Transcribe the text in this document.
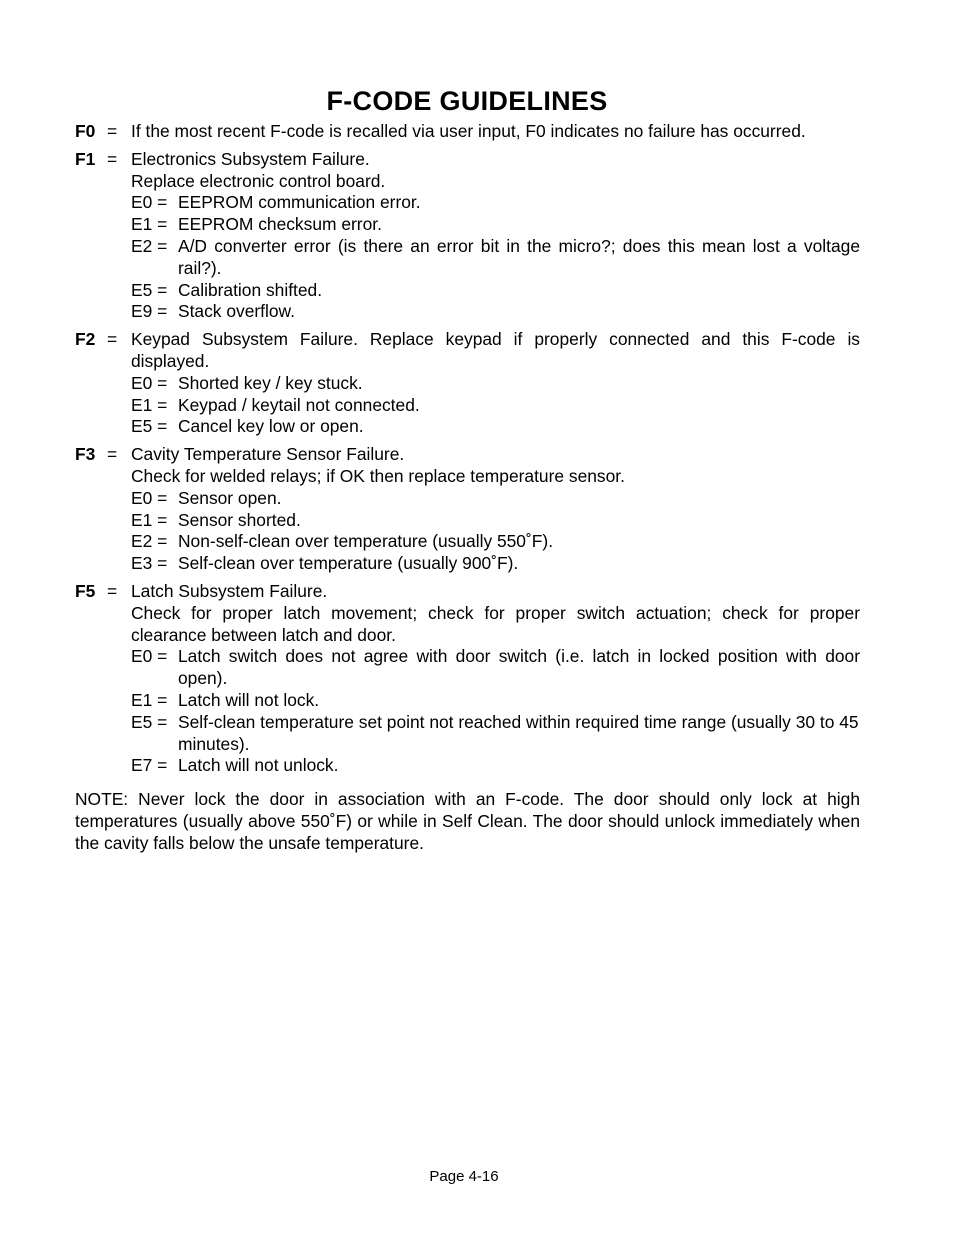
F-CODE GUIDELINES
F0 = If the most recent F-code is recalled via user input, F0 indicates no failure has occurred.
F1 = Electronics Subsystem Failure.
Replace electronic control board.
E0 = EEPROM communication error.
E1 = EEPROM checksum error.
E2 = A/D converter error (is there an error bit in the micro?; does this mean lost a voltage rail?).
E5 = Calibration shifted.
E9 = Stack overflow.
F2 = Keypad Subsystem Failure. Replace keypad if properly connected and this F-code is displayed.
E0 = Shorted key / key stuck.
E1 = Keypad / keytail not connected.
E5 = Cancel key low or open.
F3 = Cavity Temperature Sensor Failure.
Check for welded relays; if OK then replace temperature sensor.
E0 = Sensor open.
E1 = Sensor shorted.
E2 = Non-self-clean over temperature (usually 550˚F).
E3 = Self-clean over temperature (usually 900˚F).
F5 = Latch Subsystem Failure.
Check for proper latch movement; check for proper switch actuation; check for proper clearance between latch and door.
E0 = Latch switch does not agree with door switch (i.e. latch in locked position with door open).
E1 = Latch will not lock.
E5 = Self-clean temperature set point not reached within required time range (usually 30 to 45 minutes).
E7 = Latch will not unlock.
NOTE: Never lock the door in association with an F-code. The door should only lock at high temperatures (usually above 550˚F) or while in Self Clean. The door should unlock immediately when the cavity falls below the unsafe temperature.
Page 4-16
